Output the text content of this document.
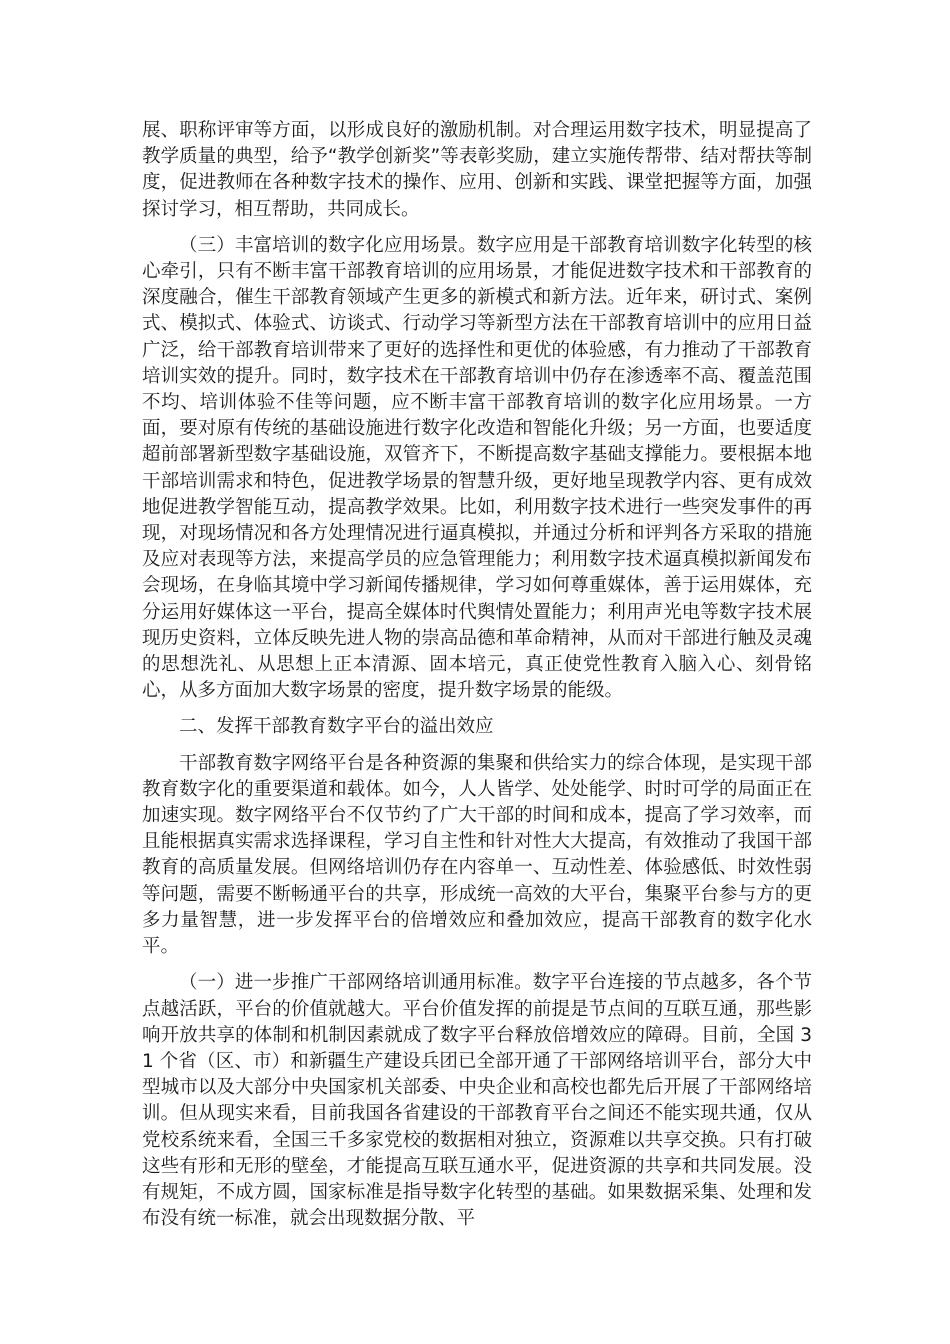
展、职称评审等方面，以形成良好的激励机制。对合理运用数字技术，明显提高了教学质量的典型，给予“教学创新奖”等表彰奖励，建立实施传帮带、结对帮扶等制度，促进教师在各种数字技术的操作、应用、创新和实践、课堂把握等方面，加强探讨学习，相互帮助，共同成长。

（三）丰富培训的数字化应用场景。数字应用是干部教育培训数字化转型的核心牵引，只有不断丰富干部教育培训的应用场景，才能促进数字技术和干部教育的深度融合，催生干部教育领域产生更多的新模式和新方法。近年来，研讨式、案例式、模拟式、体验式、访谈式、行动学习等新型方法在干部教育培训中的应用日益广泛，给干部教育培训带来了更好的选择性和更优的体验感，有力推动了干部教育培训实效的提升。同时，数字技术在干部教育培训中仍存在渗透率不高、覆盖范围不均、培训体验不佳等问题，应不断丰富干部教育培训的数字化应用场景。一方面，要对原有传统的基础设施进行数字化改造和智能化升级；另一方面，也要适度超前部署新型数字基础设施，双管齐下，不断提高数字基础支撑能力。要根据本地干部培训需求和特色，促进教学场景的智慧升级，更好地呈现教学内容、更有成效地促进教学智能互动，提高教学效果。比如，利用数字技术进行一些突发事件的再现，对现场情况和各方处理情况进行逼真模拟，并通过分析和评判各方采取的措施及应对表现等方法，来提高学员的应急管理能力；利用数字技术逼真模拟新闻发布会现场，在身临其境中学习新闻传播规律，学习如何尊重媒体，善于运用媒体，充分运用好媒体这一平台，提高全媒体时代舆情处置能力；利用声光电等数字技术展现历史资料，立体反映先进人物的崇高品德和革命精神，从而对干部进行触及灵魂的思想洗礼、从思想上正本清源、固本培元，真正使党性教育入脑入心、刻骨铭心，从多方面加大数字场景的密度，提升数字场景的能级。

二、发挥干部教育数字平台的溢出效应

干部教育数字网络平台是各种资源的集聚和供给实力的综合体现，是实现干部教育数字化的重要渠道和载体。如今，人人皆学、处处能学、时时可学的局面正在加速实现。数字网络平台不仅节约了广大干部的时间和成本，提高了学习效率，而且能根据真实需求选择课程，学习自主性和针对性大大提高，有效推动了我国干部教育的高质量发展。但网络培训仍存在内容单一、互动性差、体验感低、时效性弱等问题，需要不断畅通平台的共享，形成统一高效的大平台，集聚平台参与方的更多力量智慧，进一步发挥平台的倍增效应和叠加效应，提高干部教育的数字化水平。

（一）进一步推广干部网络培训通用标准。数字平台连接的节点越多，各个节点越活跃，平台的价值就越大。平台价值发挥的前提是节点间的互联互通，那些影响开放共享的体制和机制因素就成了数字平台释放倍增效应的障碍。目前，全国 31 个省（区、市）和新疆生产建设兵团已全部开通了干部网络培训平台，部分大中型城市以及大部分中央国家机关部委、中央企业和高校也都先后开展了干部网络培训。但从现实来看，目前我国各省建设的干部教育平台之间还不能实现共通，仅从党校系统来看，全国三千多家党校的数据相对独立，资源难以共享交换。只有打破这些有形和无形的壁垒，才能提高互联互通水平，促进资源的共享和共同发展。没有规矩，不成方圆，国家标准是指导数字化转型的基础。如果数据采集、处理和发布没有统一标准，就会出现数据分散、平
